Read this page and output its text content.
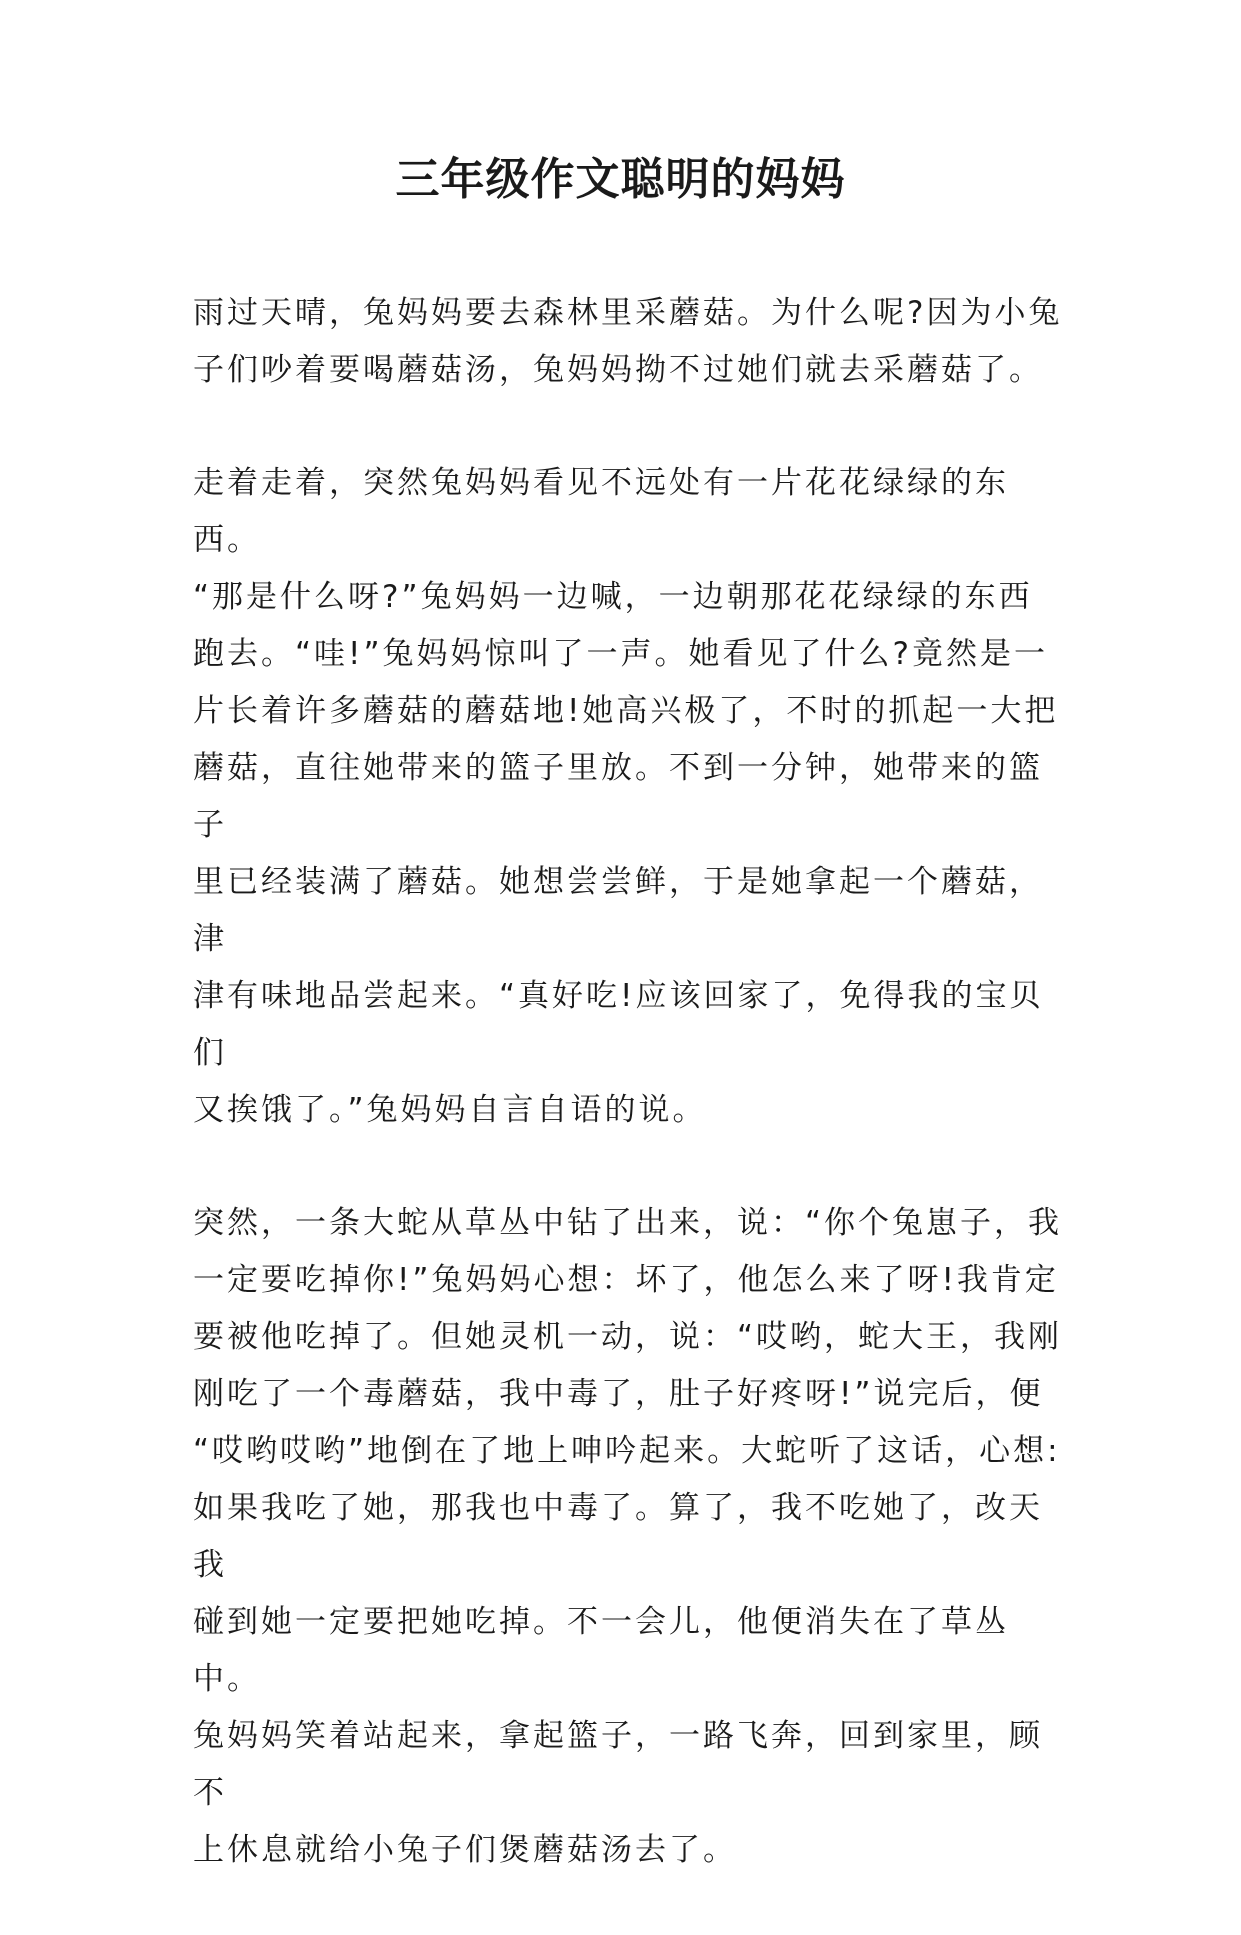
三年级作文聪明的妈妈

雨过天晴，兔妈妈要去森林里采蘑菇。为什么呢?因为小兔
子们吵着要喝蘑菇汤，兔妈妈拗不过她们就去采蘑菇了。

走着走着，突然兔妈妈看见不远处有一片花花绿绿的东西。
“那是什么呀?”兔妈妈一边喊，一边朝那花花绿绿的东西
跑去。“哇!”兔妈妈惊叫了一声。她看见了什么?竟然是一
片长着许多蘑菇的蘑菇地!她高兴极了，不时的抓起一大把
蘑菇，直往她带来的篮子里放。不到一分钟，她带来的篮子
里已经装满了蘑菇。她想尝尝鲜，于是她拿起一个蘑菇，津
津有味地品尝起来。“真好吃!应该回家了，免得我的宝贝们
又挨饿了。”兔妈妈自言自语的说。

突然，一条大蛇从草丛中钻了出来，说：“你个兔崽子，我
一定要吃掉你!”兔妈妈心想：坏了，他怎么来了呀!我肯定
要被他吃掉了。但她灵机一动，说：“哎哟，蛇大王，我刚
刚吃了一个毒蘑菇，我中毒了，肚子好疼呀!”说完后，便
“哎哟哎哟”地倒在了地上呻吟起来。大蛇听了这话，心想:
如果我吃了她，那我也中毒了。算了，我不吃她了，改天我
碰到她一定要把她吃掉。不一会儿，他便消失在了草丛中。
兔妈妈笑着站起来，拿起篮子，一路飞奔，回到家里，顾不
上休息就给小兔子们煲蘑菇汤去了。
